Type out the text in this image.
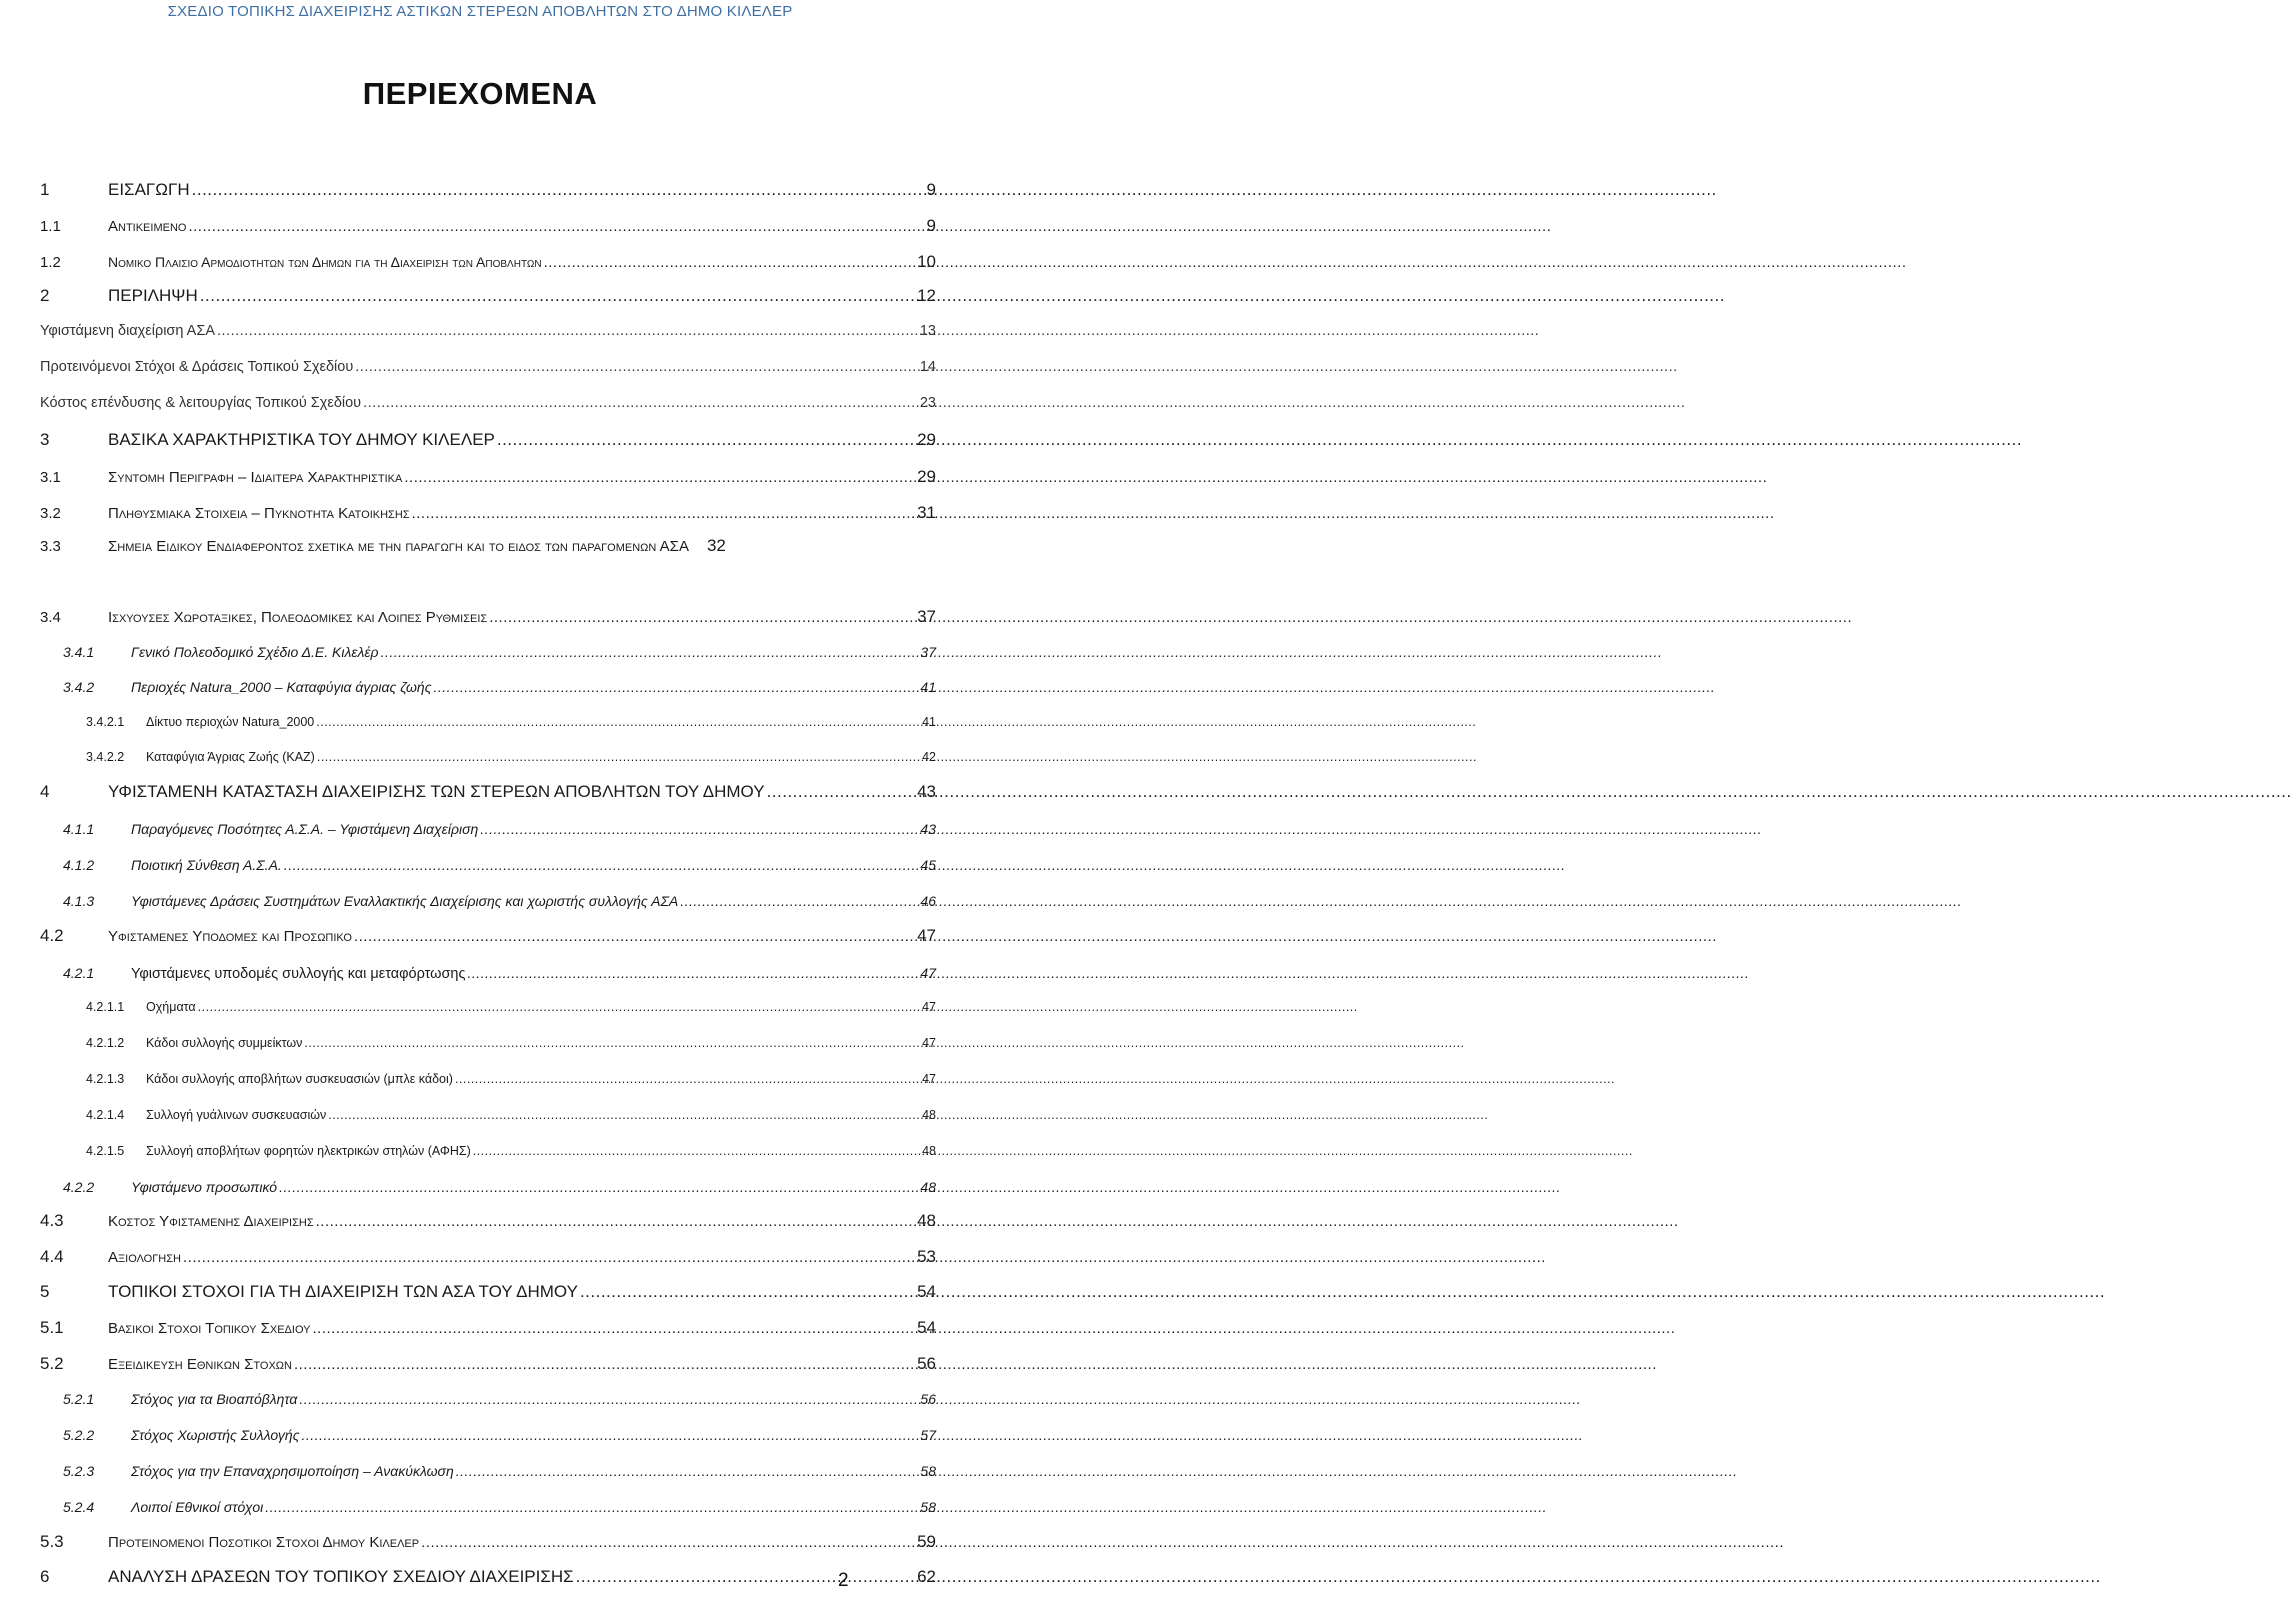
ΣΧΕΔΙΟ ΤΟΠΙΚΗΣ ΔΙΑΧΕΙΡΙΣΗΣ ΑΣΤΙΚΩΝ ΣΤΕΡΕΩΝ ΑΠΟΒΛΗΤΩΝ ΣΤΟ ΔΗΜΟ ΚΙΛΕΛΕΡ
ΠΕΡΙΕΧΟΜΕΝΑ
1	ΕΙΣΑΓΩΓΗ .....	9
1.1	Αντικειμενο .....	9
1.2	Νομικο Πλαισιο Αρμοδιοτητων των Δημων για τη Διαχειριση των Αποβλητων .....	10
2	ΠΕΡΙΛΗΨΗ .....	12
Υφιστάμενη διαχείριση ΑΣΑ .....	13
Προτεινόμενοι Στόχοι & Δράσεις Τοπικού Σχεδίου .....	14
Κόστος επένδυσης & λειτουργίας Τοπικού Σχεδίου .....	23
3	ΒΑΣΙΚΑ ΧΑΡΑΚΤΗΡΙΣΤΙΚΑ ΤΟΥ ΔΗΜΟΥ ΚΙΛΕΛΕΡ .....	29
3.1	Συντομη Περιγραφη – Ιδιαιτερα Χαρακτηριστικα .....	29
3.2	Πληθυσμιακα Στοιχεια – Πυκνοτητα Κατοικησης .....	31
3.3	Σημεια Ειδικου Ενδιαφεροντος σχετικα με την παραγωγη και το ειδος των παραγομενων ΑΣΑ 32
3.4	Ισχυουσες Χωροταξικες, Πολεοδομικες και Λοιπες Ρυθμισεις .....	37
3.4.1	Γενικό Πολεοδομικό Σχέδιο Δ.Ε. Κιλελέρ .....	37
3.4.2	Περιοχές Natura_2000 – Καταφύγια άγριας ζωής .....	41
3.4.2.1	Δίκτυο περιοχών Natura_2000 .....	41
3.4.2.2	Καταφύγια Άγριας Ζωής (ΚΑΖ) .....	42
4	ΥΦΙΣΤΑΜΕΝΗ ΚΑΤΑΣΤΑΣΗ ΔΙΑΧΕΙΡΙΣΗΣ ΤΩΝ ΣΤΕΡΕΩΝ ΑΠΟΒΛΗΤΩΝ ΤΟΥ ΔΗΜΟΥ .....	43
4.1.1	Παραγόμενες Ποσότητες Α.Σ.Α. – Υφιστάμενη Διαχείριση .....	43
4.1.2	Ποιοτική Σύνθεση Α.Σ.Α. .....	45
4.1.3	Υφιστάμενες Δράσεις Συστημάτων Εναλλακτικής Διαχείρισης και χωριστής συλλογής ΑΣΑ .....	46
4.2	Υφισταμενες Υποδομες και Προσωπικο .....	47
4.2.1	Υφιστάμενες υποδομές συλλογής και μεταφόρτωσης .....	47
4.2.1.1	Οχήματα .....	47
4.2.1.2	Κάδοι συλλογής συμμείκτων .....	47
4.2.1.3	Κάδοι συλλογής αποβλήτων συσκευασιών (μπλε κάδοι) .....	47
4.2.1.4	Συλλογή γυάλινων συσκευασιών .....	48
4.2.1.5	Συλλογή αποβλήτων φορητών ηλεκτρικών στηλών (ΑΦΗΣ) .....	48
4.2.2	Υφιστάμενο προσωπικό .....	48
4.3	Κοστος Υφισταμενης Διαχειρισης .....	48
4.4	Αξιολογηση .....	53
5	ΤΟΠΙΚΟΙ ΣΤΟΧΟΙ ΓΙΑ ΤΗ ΔΙΑΧΕΙΡΙΣΗ ΤΩΝ ΑΣΑ ΤΟΥ ΔΗΜΟΥ .....	54
5.1	Βασικοι Στοχοι Τοπικου Σχεδιου .....	54
5.2	Εξειδικευση Εθνικων Στοχων .....	56
5.2.1	Στόχος για τα Βιοαπόβλητα .....	56
5.2.2	Στόχος Χωριστής Συλλογής .....	57
5.2.3	Στόχος για την Επαναχρησιμοποίηση – Ανακύκλωση .....	58
5.2.4	Λοιποί Εθνικοί στόχοι .....	58
5.3	Προτεινομενοι Ποσοτικοι Στοχοι Δημου Κιλελερ .....	59
6	ΑΝΑΛΥΣΗ ΔΡΑΣΕΩΝ ΤΟΥ ΤΟΠΙΚΟΥ ΣΧΕΔΙΟΥ ΔΙΑΧΕΙΡΙΣΗΣ .....	62
2
